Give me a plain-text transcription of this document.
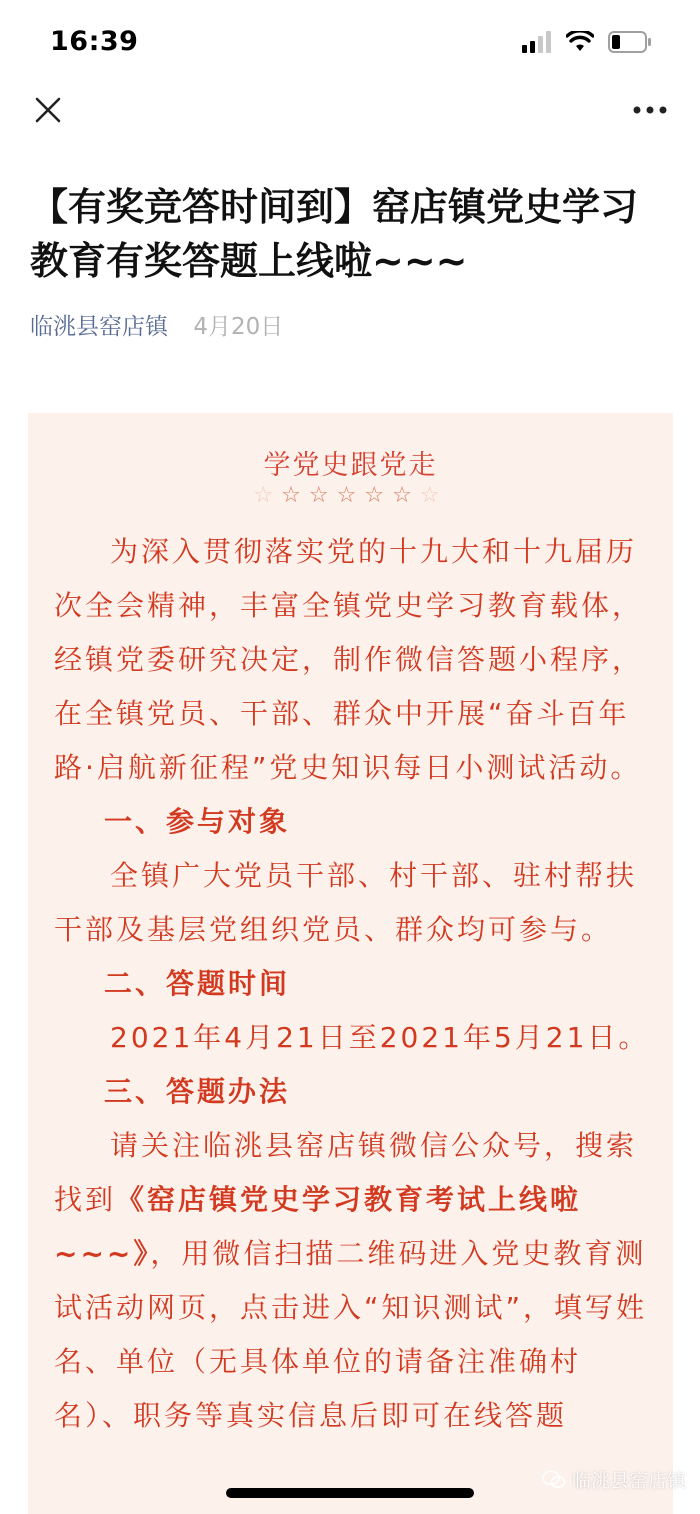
16:39
【有奖竞答时间到】窑店镇党史学习教育有奖答题上线啦~~~
临洮县窑店镇 4月20日
学党史跟党走
☆☆☆☆☆☆☆

为深入贯彻落实党的十九大和十九届历次全会精神，丰富全镇党史学习教育载体，经镇党委研究决定，制作微信答题小程序，在全镇党员、干部、群众中开展“奋斗百年路·启航新征程”党史知识每日小测试活动。

一、参与对象

全镇广大党员干部、村干部、驻村帮扶干部及基层党组织党员、群众均可参与。

二、答题时间

2021年4月21日至2021年5月21日。

三、答题办法

请关注临洮县窑店镇微信公众号，搜索找到《窑店镇党史学习教育考试上线啦~~~》，用微信扫描二维码进入党史教育测试活动网页，点击进入“知识测试”，填写姓名、单位（无具体单位的请备注准确村名）、职务等真实信息后即可在线答题

临洮县窑店镇
